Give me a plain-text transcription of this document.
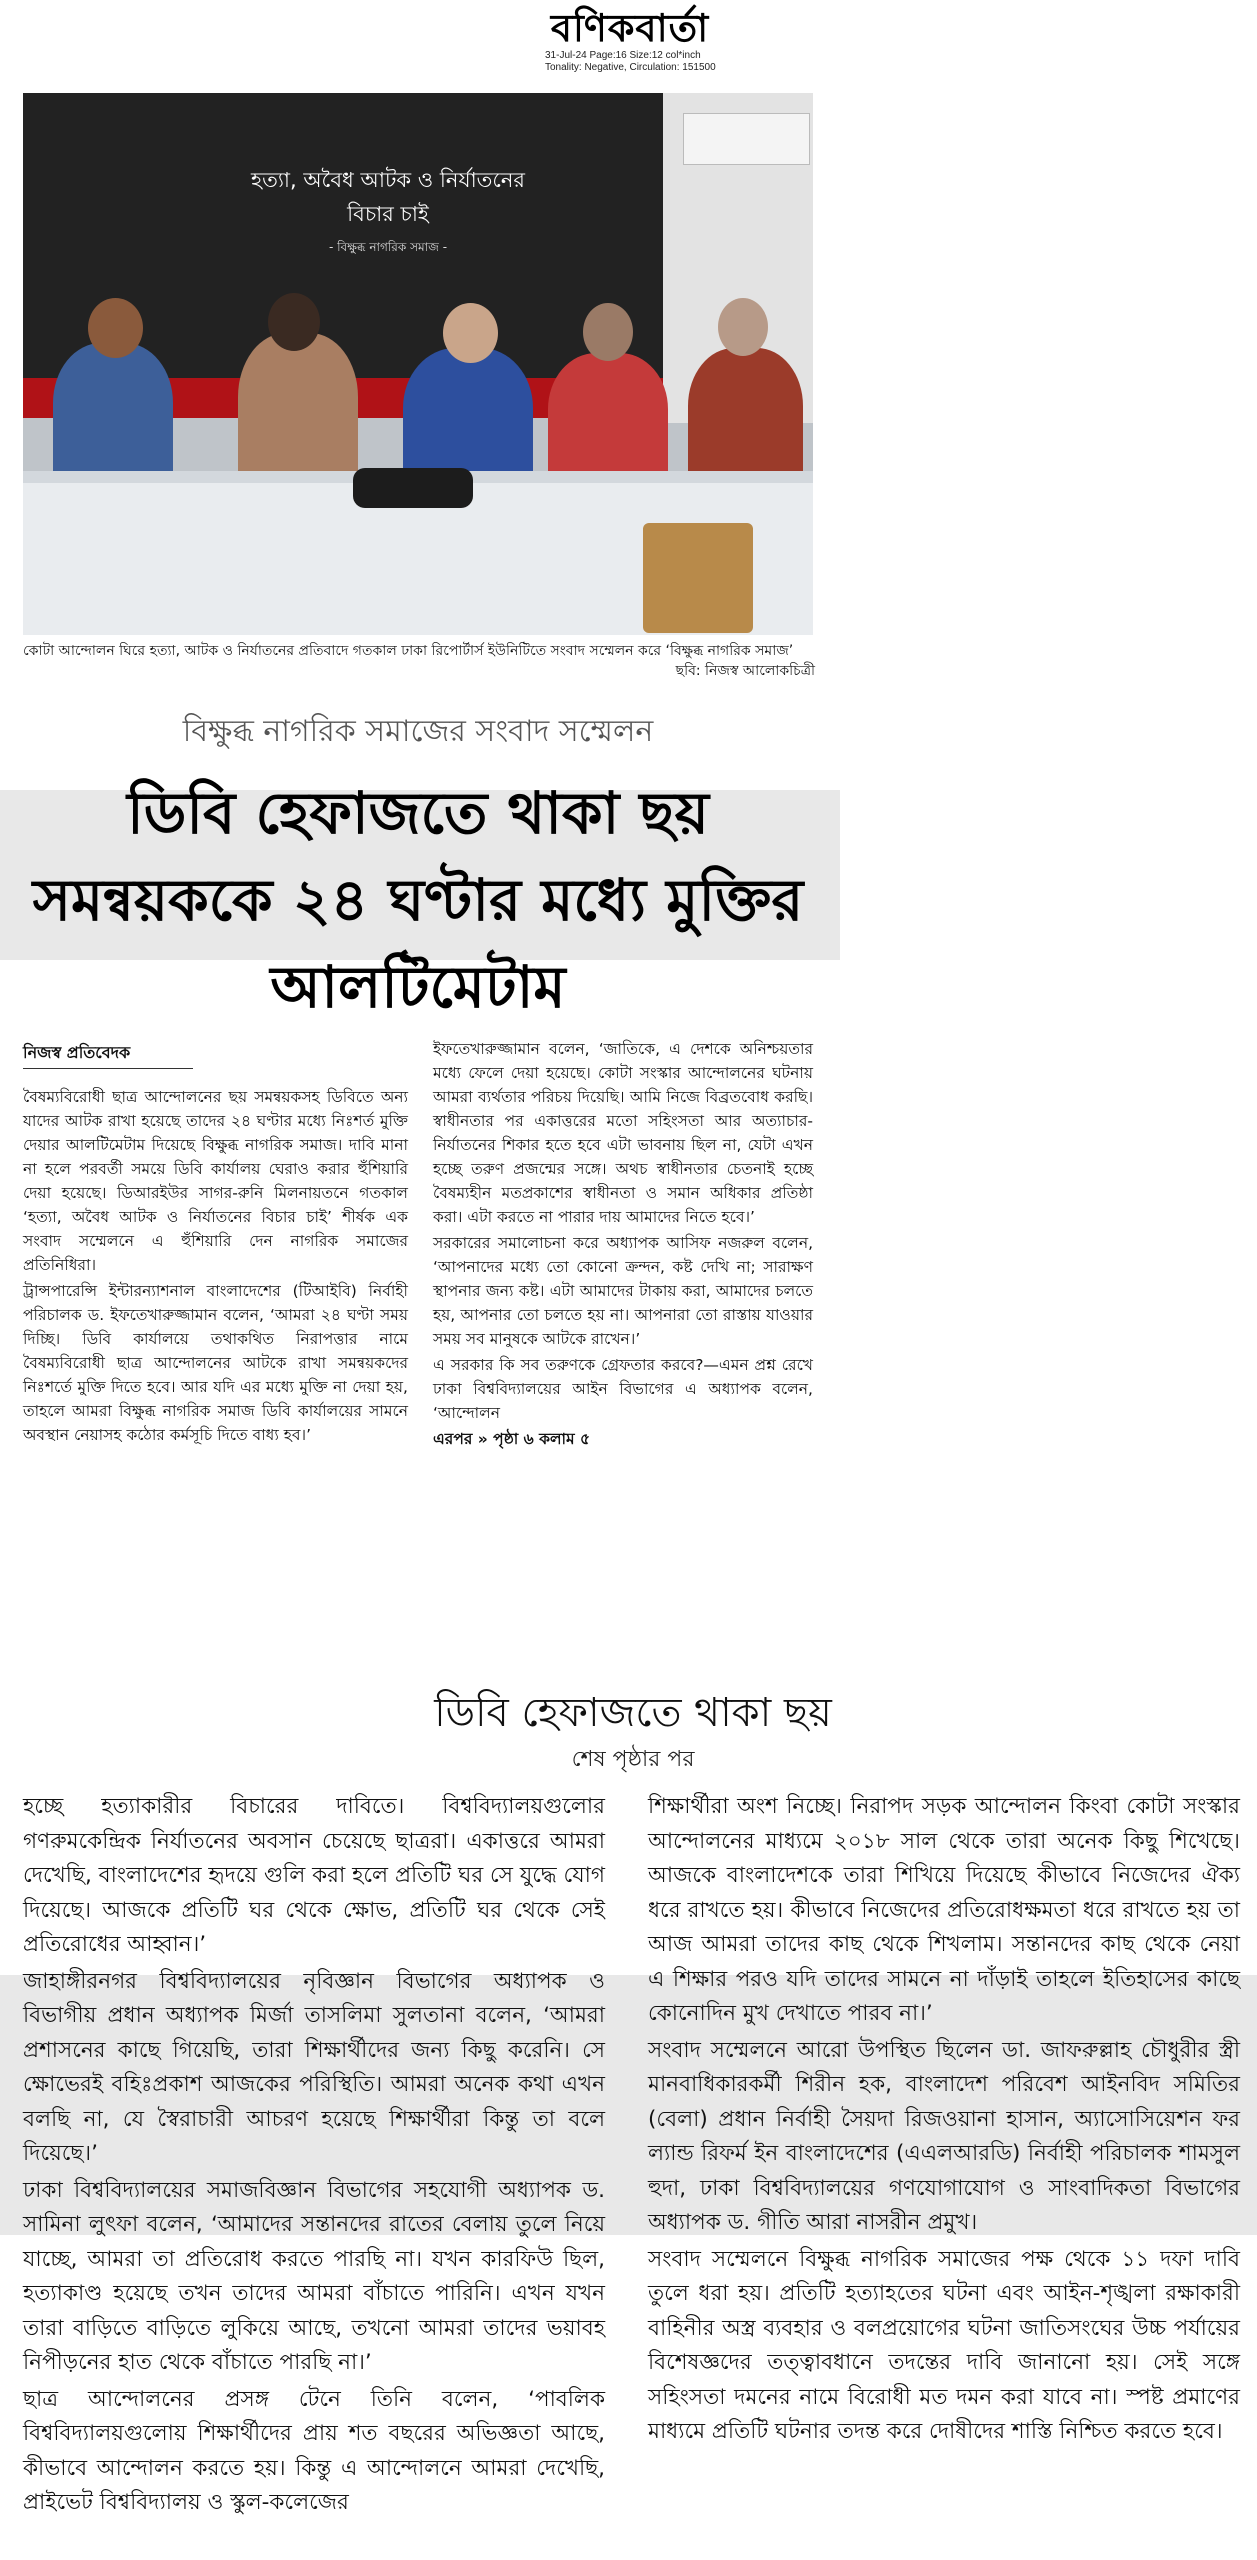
বণিকবার্তা
31-Jul-24 Page:16 Size:12 col*inch
Tonality: Negative, Circulation: 151500
হত্যা, অবৈধ আটক ও নির্যাতনের বিচার চাই
- বিক্ষুব্ধ নাগরিক সমাজ -
কোটা আন্দোলন ঘিরে হত্যা, আটক ও নির্যাতনের প্রতিবাদে গতকাল ঢাকা রিপোর্টার্স ইউনিটিতে সংবাদ সম্মেলন করে ‘বিক্ষুব্ধ নাগরিক সমাজ’
ছবি: নিজস্ব আলোকচিত্রী
বিক্ষুব্ধ নাগরিক সমাজের সংবাদ সম্মেলন
ডিবি হেফাজতে থাকা ছয় সমন্বয়ককে ২৪ ঘণ্টার মধ্যে মুক্তির আলটিমেটাম
নিজস্ব প্রতিবেদক

বৈষম্যবিরোধী ছাত্র আন্দোলনের ছয় সমন্বয়কসহ ডিবিতে অন্য যাদের আটক রাখা হয়েছে তাদের ২৪ ঘণ্টার মধ্যে নিঃশর্ত মুক্তি দেয়ার আলটিমেটাম দিয়েছে বিক্ষুব্ধ নাগরিক সমাজ। দাবি মানা না হলে পরবর্তী সময়ে ডিবি কার্যালয় ঘেরাও করার হুঁশিয়ারি দেয়া হয়েছে। ডিআরইউর সাগর-রুনি মিলনায়তনে গতকাল ‘হত্যা, অবৈধ আটক ও নির্যাতনের বিচার চাই’ শীর্ষক এক সংবাদ সম্মেলনে এ হুঁশিয়ারি দেন নাগরিক সমাজের প্রতিনিধিরা।

ট্রান্সপারেন্সি ইন্টারন্যাশনাল বাংলাদেশের (টিআইবি) নির্বাহী পরিচালক ড. ইফতেখারুজ্জামান বলেন, ‘আমরা ২৪ ঘণ্টা সময় দিচ্ছি। ডিবি কার্যালয়ে তথাকথিত নিরাপত্তার নামে বৈষম্যবিরোধী ছাত্র আন্দোলনের আটকে রাখা সমন্বয়কদের নিঃশর্তে মুক্তি দিতে হবে। আর যদি এর মধ্যে মুক্তি না দেয়া হয়, তাহলে আমরা বিক্ষুব্ধ নাগরিক সমাজ ডিবি কার্যালয়ের সামনে অবস্থান নেয়াসহ কঠোর কর্মসূচি দিতে বাধ্য হব।’

ইফতেখারুজ্জামান বলেন, ‘জাতিকে, এ দেশকে অনিশ্চয়তার মধ্যে ফেলে দেয়া হয়েছে। কোটা সংস্কার আন্দোলনের ঘটনায় আমরা ব্যর্থতার পরিচয় দিয়েছি। আমি নিজে বিব্রতবোধ করছি। স্বাধীনতার পর একাত্তরের মতো সহিংসতা আর অত্যাচার-নির্যাতনের শিকার হতে হবে এটা ভাবনায় ছিল না, যেটা এখন হচ্ছে তরুণ প্রজন্মের সঙ্গে। অথচ স্বাধীনতার চেতনাই হচ্ছে বৈষম্যহীন মতপ্রকাশের স্বাধীনতা ও সমান অধিকার প্রতিষ্ঠা করা। এটা করতে না পারার দায় আমাদের নিতে হবে।’

সরকারের সমালোচনা করে অধ্যাপক আসিফ নজরুল বলেন, ‘আপনাদের মধ্যে তো কোনো ক্রন্দন, কষ্ট দেখি না; সারাক্ষণ স্থাপনার জন্য কষ্ট। এটা আমাদের টাকায় করা, আমাদের চলতে হয়, আপনার তো চলতে হয় না। আপনারা তো রাস্তায় যাওয়ার সময় সব মানুষকে আটকে রাখেন।’

এ সরকার কি সব তরুণকে গ্রেফতার করবে?—এমন প্রশ্ন রেখে ঢাকা বিশ্ববিদ্যালয়ের আইন বিভাগের এ অধ্যাপক বলেন, ‘আন্দোলন

এরপর » পৃষ্ঠা ৬ কলাম ৫

ডিবি হেফাজতে থাকা ছয়
শেষ পৃষ্ঠার পর

হচ্ছে হত্যাকারীর বিচারের দাবিতে। বিশ্ববিদ্যালয়গুলোর গণরুমকেন্দ্রিক নির্যাতনের অবসান চেয়েছে ছাত্ররা। একাত্তরে আমরা দেখেছি, বাংলাদেশের হৃদয়ে গুলি করা হলে প্রতিটি ঘর সে যুদ্ধে যোগ দিয়েছে। আজকে প্রতিটি ঘর থেকে ক্ষোভ, প্রতিটি ঘর থেকে সেই প্রতিরোধের আহ্বান।’

জাহাঙ্গীরনগর বিশ্ববিদ্যালয়ের নৃবিজ্ঞান বিভাগের অধ্যাপক ও বিভাগীয় প্রধান অধ্যাপক মির্জা তাসলিমা সুলতানা বলেন, ‘আমরা প্রশাসনের কাছে গিয়েছি, তারা শিক্ষার্থীদের জন্য কিছু করেনি। সে ক্ষোভেরই বহিঃপ্রকাশ আজকের পরিস্থিতি। আমরা অনেক কথা এখন বলছি না, যে স্বৈরাচারী আচরণ হয়েছে শিক্ষার্থীরা কিন্তু তা বলে দিয়েছে।’

ঢাকা বিশ্ববিদ্যালয়ের সমাজবিজ্ঞান বিভাগের সহযোগী অধ্যাপক ড. সামিনা লুৎফা বলেন, ‘আমাদের সন্তানদের রাতের বেলায় তুলে নিয়ে যাচ্ছে, আমরা তা প্রতিরোধ করতে পারছি না। যখন কারফিউ ছিল, হত্যাকাণ্ড হয়েছে তখন তাদের আমরা বাঁচাতে পারিনি। এখন যখন তারা বাড়িতে বাড়িতে লুকিয়ে আছে, তখনো আমরা তাদের ভয়াবহ নিপীড়নের হাত থেকে বাঁচাতে পারছি না।’

ছাত্র আন্দোলনের প্রসঙ্গ টেনে তিনি বলেন, ‘পাবলিক বিশ্ববিদ্যালয়গুলোয় শিক্ষার্থীদের প্রায় শত বছরের অভিজ্ঞতা আছে, কীভাবে আন্দোলন করতে হয়। কিন্তু এ আন্দোলনে আমরা দেখেছি, প্রাইভেট বিশ্ববিদ্যালয় ও স্কুল-কলেজের

শিক্ষার্থীরা অংশ নিচ্ছে। নিরাপদ সড়ক আন্দোলন কিংবা কোটা সংস্কার আন্দোলনের মাধ্যমে ২০১৮ সাল থেকে তারা অনেক কিছু শিখেছে। আজকে বাংলাদেশকে তারা শিখিয়ে দিয়েছে কীভাবে নিজেদের ঐক্য ধরে রাখতে হয়। কীভাবে নিজেদের প্রতিরোধক্ষমতা ধরে রাখতে হয় তা আজ আমরা তাদের কাছ থেকে শিখলাম। সন্তানদের কাছ থেকে নেয়া এ শিক্ষার পরও যদি তাদের সামনে না দাঁড়াই তাহলে ইতিহাসের কাছে কোনোদিন মুখ দেখাতে পারব না।’

সংবাদ সম্মেলনে আরো উপস্থিত ছিলেন ডা. জাফরুল্লাহ চৌধুরীর স্ত্রী মানবাধিকারকর্মী শিরীন হক, বাংলাদেশ পরিবেশ আইনবিদ সমিতির (বেলা) প্রধান নির্বাহী সৈয়দা রিজওয়ানা হাসান, অ্যাসোসিয়েশন ফর ল্যান্ড রিফর্ম ইন বাংলাদেশের (এএলআরডি) নির্বাহী পরিচালক শামসুল হুদা, ঢাকা বিশ্ববিদ্যালয়ের গণযোগাযোগ ও সাংবাদিকতা বিভাগের অধ্যাপক ড. গীতি আরা নাসরীন প্রমুখ।

সংবাদ সম্মেলনে বিক্ষুব্ধ নাগরিক সমাজের পক্ষ থেকে ১১ দফা দাবি তুলে ধরা হয়। প্রতিটি হত্যাহতের ঘটনা এবং আইন-শৃঙ্খলা রক্ষাকারী বাহিনীর অস্ত্র ব্যবহার ও বলপ্রয়োগের ঘটনা জাতিসংঘের উচ্চ পর্যায়ের বিশেষজ্ঞদের তত্ত্বাবধানে তদন্তের দাবি জানানো হয়। সেই সঙ্গে সহিংসতা দমনের নামে বিরোধী মত দমন করা যাবে না। স্পষ্ট প্রমাণের মাধ্যমে প্রতিটি ঘটনার তদন্ত করে দোষীদের শাস্তি নিশ্চিত করতে হবে।
